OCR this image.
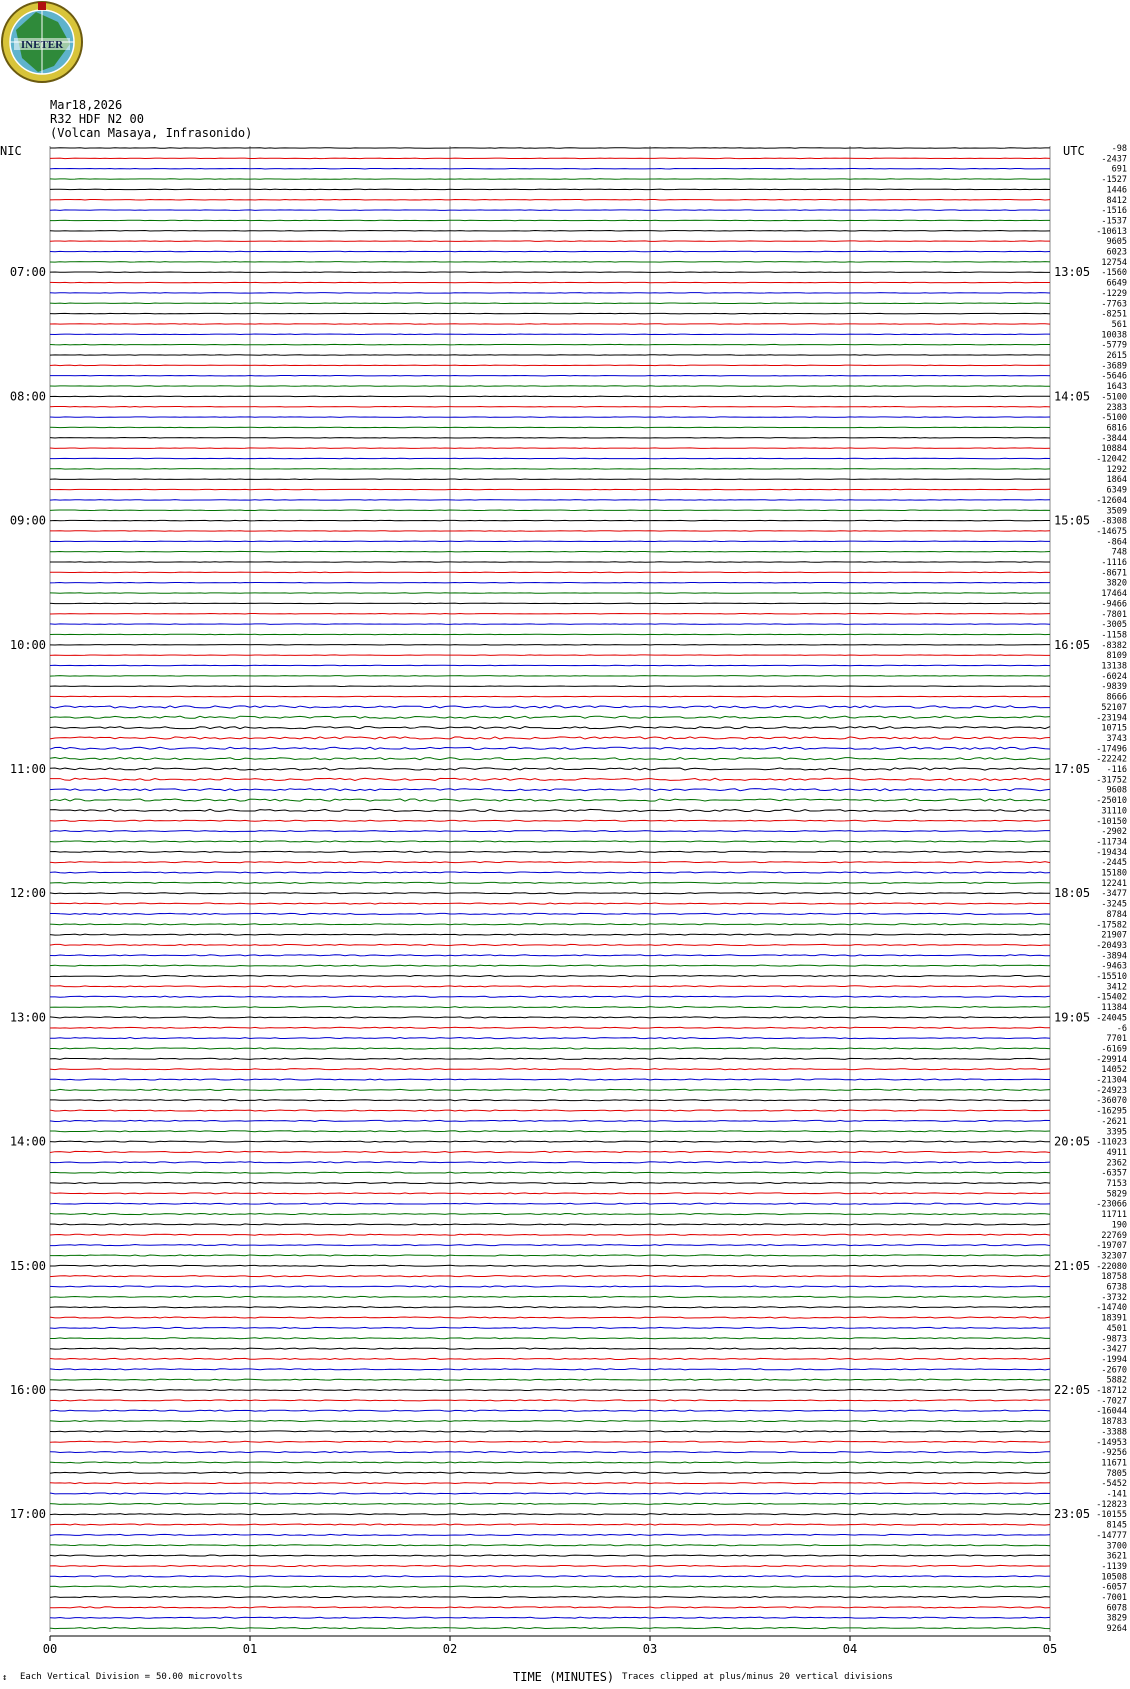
INETER
Mar18,2026
R32 HDF N2 00
(Volcan Masaya, Infrasonido)
NIC	UTC	-98
-2437
691
-1527
1446
8412
-1516
-1537
-10613
9605
6023
12754
-1560
6649
-1229
-7763
-8251
561
10038
-5779
2615
-3689
-5646
1643
-5100
2383
-5100
6816
-3844
10884
-12042
1292
1864
6349
-12604
3509
-8308
-14675
-864
748
-1116
-8671
3820
17464
-9466
-7801
-3005
-1158
-8382
8109
13138
-6024
-9839
8666
52107
-23194
10715
3743
-17496
-22242
-116
-31752
9608
-25010
31110
-10150
-2902
-11734
-19434
-2445
15180
12241
-3477
-3245
8784
-17582
21907
-20493
-3894
-9463
-15510
3412
-15402
11384
-24045
-6
7701
-6169
-29914
14052
-21304
-24923
-36070
-16295
-2621
3395
-11023
4911
2362
-6357
7153
5829
-23066
11711
190
22769
-19707
32307
-22080
18758
6738
-3732
-14740
18391
4501
-9873
-3427
-1994
-2670
5882
-18712
-7027
-16044
18783
-3388
-14953
-9256
11671
7805
-5452
-141
-12823
-10155
8145
-14777
3700
3621
-1139
10508
-6057
-7001
6078
3829
9264
07:00	13:05
08:00	14:05
09:00	15:05
10:00	16:05
11:00	17:05
12:00	18:05
13:00	19:05
14:00	20:05
15:00	21:05
16:00	22:05
17:00	23:05
00	01	02	03	04	05
↕ Each Vertical Division = 50.00 microvolts	TIME (MINUTES) Traces clipped at plus/minus 20 vertical divisions
